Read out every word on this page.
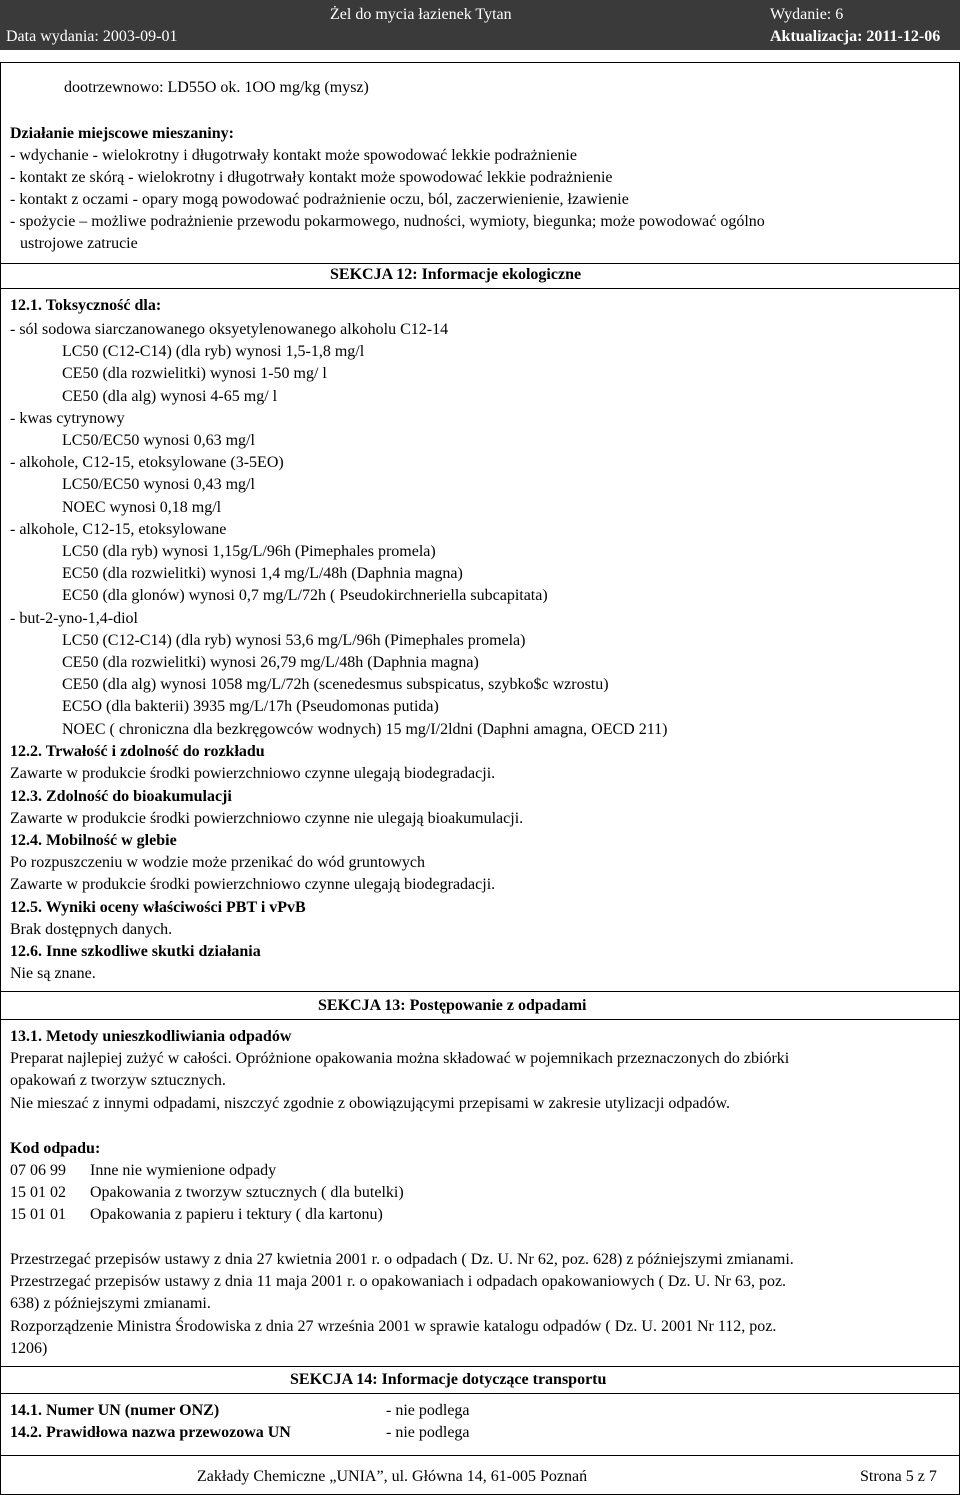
Żel do mycia łazienek Tytan	Wydanie: 6
Data wydania: 2003-09-01	Aktualizacja: 2011-12-06
dootrzewnowo: LD55O ok. 1OO mg/kg (mysz)
Działanie miejscowe mieszaniny:
- wdychanie - wielokrotny i długotrwały kontakt może spowodować lekkie podrażnienie
- kontakt ze skórą - wielokrotny i długotrwały kontakt może spowodować lekkie podrażnienie
- kontakt z oczami - opary mogą powodować podrażnienie oczu, ból, zaczerwienienie, łzawienie
- spożycie – możliwe podrażnienie przewodu pokarmowego, nudności, wymioty, biegunka; może powodować ogólno
ustrojowe zatrucie
SEKCJA 12: Informacje ekologiczne
12.1. Toksyczność dla:
- sól sodowa siarczanowanego oksyetylenowanego alkoholu C12-14
LC50 (C12-C14) (dla ryb) wynosi 1,5-1,8 mg/l
CE50 (dla rozwielitki) wynosi 1-50 mg/ l
CE50 (dla alg) wynosi 4-65 mg/ l
- kwas cytrynowy
LC50/EC50 wynosi 0,63 mg/l
- alkohole, C12-15, etoksylowane (3-5EO)
LC50/EC50 wynosi 0,43 mg/l
NOEC wynosi 0,18 mg/l
- alkohole, C12-15, etoksylowane
LC50 (dla ryb) wynosi 1,15g/L/96h (Pimephales promela)
EC50 (dla rozwielitki) wynosi 1,4 mg/L/48h (Daphnia magna)
EC50 (dla glonów) wynosi 0,7 mg/L/72h ( Pseudokirchneriella subcapitata)
- but-2-yno-1,4-diol
LC50 (C12-C14) (dla ryb) wynosi 53,6 mg/L/96h (Pimephales promela)
CE50 (dla rozwielitki) wynosi 26,79 mg/L/48h (Daphnia magna)
CE50 (dla alg) wynosi 1058 mg/L/72h (scenedesmus subspicatus, szybko$c wzrostu)
EC5O (dla bakterii) 3935 mg/L/17h (Pseudomonas putida)
NOEC ( chroniczna dla bezkręgowców wodnych) 15 mg/I/2ldni (Daphni amagna, OECD 211)
12.2. Trwałość i zdolność do rozkładu
Zawarte w produkcie środki powierzchniowo czynne ulegają biodegradacji.
12.3. Zdolność do bioakumulacji
Zawarte w produkcie środki powierzchniowo czynne nie ulegają bioakumulacji.
12.4. Mobilność w glebie
Po rozpuszczeniu w wodzie może przenikać do wód gruntowych
Zawarte w produkcie środki powierzchniowo czynne ulegają biodegradacji.
12.5. Wyniki oceny właściwości PBT i vPvB
Brak dostępnych danych.
12.6. Inne szkodliwe skutki działania
Nie są znane.
SEKCJA 13: Postępowanie z odpadami
13.1. Metody unieszkodliwiania odpadów
Preparat najlepiej zużyć w całości. Opróżnione opakowania można składować w pojemnikach przeznaczonych do zbiórki
opakowań z tworzyw sztucznych.
Nie mieszać z innymi odpadami, niszczyć zgodnie z obowiązującymi przepisami w zakresie utylizacji odpadów.
Kod odpadu:
07 06 99 Inne nie wymienione odpady
15 01 02 Opakowania z tworzyw sztucznych ( dla butelki)
15 01 01 Opakowania z papieru i tektury ( dla kartonu)
Przestrzegać przepisów ustawy z dnia 27 kwietnia 2001 r. o odpadach ( Dz. U. Nr 62, poz. 628) z późniejszymi zmianami.
Przestrzegać przepisów ustawy z dnia 11 maja 2001 r. o opakowaniach i odpadach opakowaniowych ( Dz. U. Nr 63, poz.
638) z późniejszymi zmianami.
Rozporządzenie Ministra Środowiska z dnia 27 września 2001 w sprawie katalogu odpadów ( Dz. U. 2001 Nr 112, poz.
1206)
SEKCJA 14: Informacje dotyczące transportu
14.1. Numer UN (numer ONZ)	- nie podlega
14.2. Prawidłowa nazwa przewozowa UN	- nie podlega
Zakłady Chemiczne „UNIA”, ul. Główna 14, 61-005 Poznań	Strona 5 z 7
